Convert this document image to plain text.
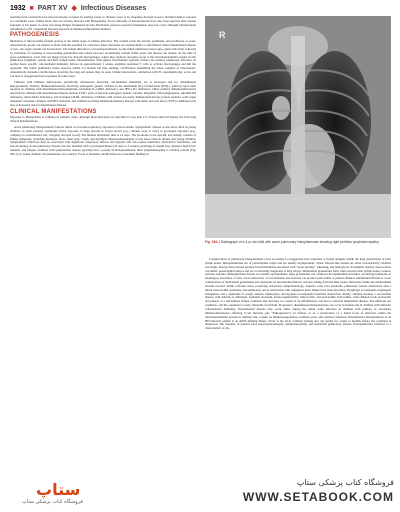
1932 ■ PART XV ◆ Infectious Diseases

resulting from construction in areas previously occupied by starling roosts or chicken coops or by chopping decayed wood or burning bamboo exposed to a blackbird roost. Unlike birds, bats are actively infected with Histoplasma. Focal outbreaks of histoplasmosis have also been reported after intense exposure to bat guano in caves and along bridges frequented by bats. Horizontal person-to-person transmission does not occur, although transplacental transmission of H. capsulatum has been reported in immunocompromised mothers.

PATHOGENESIS

Inhalation of microconidia (fungal spores) is the initial stage of human infection. The conidia reach the alveoli, germinate, and proliferate as yeast. Alternatively, spores can remain as mold with the potential for activation. Most infections are asymptomatic or self-limited. When disseminated disease occurs, any organ system can be involved. The fungal infection is a bronchopneumonia. As the initial pulmonary lesion ages, giant cells form, followed by formation of caseating or noncaseating granulomas and central necrosis. Granulomas contain viable yeast, and disease can relapse. At the time of spore germination, yeast cells are phagocytosed by alveolar macrophages, where they replicate and gain access to the reticuloendothelial system via the pulmonary lymphatic system and hilar lymph nodes. Dissemination with splenic involvement typically follows the primary pulmonary infection. In normal hosts, specific cell-mediated immunity follows in approximately 2 weeks, enabling sensitized T cells to activate macrophages and kill the organism. The initial pulmonary lesion resolves within 2-4 months but may undergo calcification resembling the Ghon complex of tuberculosis. Alternatively, buckshot calcifications involving the lung and spleen may be seen. Unlike tuberculosis, reinfection with H. capsulatum may occur and can lead to exaggerated host responses in some cases.

Children with immune deficiencies, specifically deficiencies involving cell-mediated immunity, are at increased risk for disseminated histoplasmosis. Primary immunodeficiencies involving pathogenic genetic variants in the interleukin (IL)-12/interferon (IFN)-γ pathway have been reported in children with disseminated histoplasmosis, including IL-12Rβ1 deficiency and IFN-γ R1 deficiency. Other primary immunodeficiencies described in children with disseminated disease include STAT1 gain-of-function pathogenic genetic variants, idiopathic CD4 lymphopenia, AR-DOCK8 deficiency, AD-GATA2 deficiency, and X-linked CD40L deficiency. Children with certain secondary immunodeficiencies (cancer patients, solid organ transplant recipients, children with HIV infection, and children receiving immunomodulatory therapy with tumor necrosis factor [TNF]-α inhibitors) are also at increased risk for disseminated disease.

CLINICAL MANIFESTATIONS

Exposure to Histoplasma is common in endemic areas, although most infections are subclinical. Less than 1% of those infected display the following clinical manifestations.

Acute pulmonary histoplasmosis follows initial or recurrent respiratory exposure to microconidia. Symptomatic disease occurs more often in young children; in older patients, symptoms follow exposure to large inocula in closed spaces (e.g., chicken coop or cave) or prolonged exposure (e.g., camping on contaminated soil, chopping decayed wood). The median incubation time is 14 days. The prodrome is not specific and usually consists of flulike symptoms, including headache, fever, chest pain, cough, and myalgias. Hepatosplenomegaly occurs more often in infants and young children. Symptomatic infections may be associated with significant respiratory distress and hypoxia and can require intubation, mechanical ventilation, and steroid therapy. Acute pulmonary disease can also manifest with a prolonged illness (10 days to 3 weeks) consisting of weight loss, dyspnea, high fever, asthenia, and fatigue. Children with symptomatic disease typically have a patchy bronchopneumonia; hilar lymphadenopathy is variably present (Fig. 284.1). In young children, the pneumonia can coalesce. Focal or buckshot calcifications are coincident findings in

R
Fig. 284.1 Radiograph of a 3-yr-old child with acute pulmonary histoplasmosis showing right perihilar lymphadenopathy.

Complications of pulmonary histoplasmosis occur secondary to exaggerated host responses to fungal antigens within the lung parenchyma or hilar lymph nodes. Histoplasmomas are of parenchymal origin and are usually asymptomatic. These fibrosis-like lesions are often concentrically calcified and single. Rarely, these lesions produce bronchiolithiasis associated with "stone spitting," wheezing, and hemoptysis. In endemic regions, these lesions can mimic parenchymal tumors and are occasionally diagnosed at lung biopsy. Mediastinal granulomas form when reactive hilar lymph nodes coalesce and mat together. Although these lesions are usually asymptomatic, huge granulomas can compress the mediastinal structures, producing symptoms of esophageal, bronchial, or vena caval obstruction. Local extension and necrosis can produce pericarditis or pleural effusion. Mediastinal fibrosis is a rare complication of mediastinal granulomas and represents an uncontrolled fibrotic reaction arising from the hilar nodes. Structures within the mediastinum become encased within a fibrotic mass, producing obstructive symptomatology. Superior vena cava syndrome, pulmonary venous obstruction with a mitral stenosis-like syndrome, and pulmonary artery obstruction with congestive heart failure have been described. Dysphagia accompanies esophageal entrapment, and a syndrome of cough, wheeze, hemoptysis, and dyspnea accompanies bronchial obstruction. Rarely, children develop a sarcoid-like disease with arthritis or arthralgia, erythema nodosum, keratoconjunctivitis, iridocyclitis, and pericarditis. Pericarditis, with effusions both pericardial and pleural, is a self-limited benign condition that develops as a result of an inflammatory reaction to adjacent mediastinal disease. The effusions are exudative, and the organism is rarely culturable from fluid. Progressive disseminated histoplasmosis can occur in infants and in children with deficient cell-mediated immunity. Disseminated disease may occur either during the initial acute infection in children with primary or secondary immunodeficiencies affecting T-cell function (see "Pathogenesis"), in infants, or as a reactivation of a latent focus of infection within the reticuloendothelial system in children who acquire an immunosuppressive condition years after primary infection. Disseminated histoplasmosis in an HIV-infected patient is an AIDS-defining illness. Fever is the most common finding and can persist for weeks to months before the condition is diagnosed. The majority of patients have hepatosplenomegaly, lymphadenopathy, and interstitial pulmonary disease. Extrapulmonary infection is a characteristic of dis-

ستاپ
فروشگاه کتاب پزشکی ستاپ
فروشگاه کتاب پزشکی ستاپ
WWW.SETABOOK.COM
